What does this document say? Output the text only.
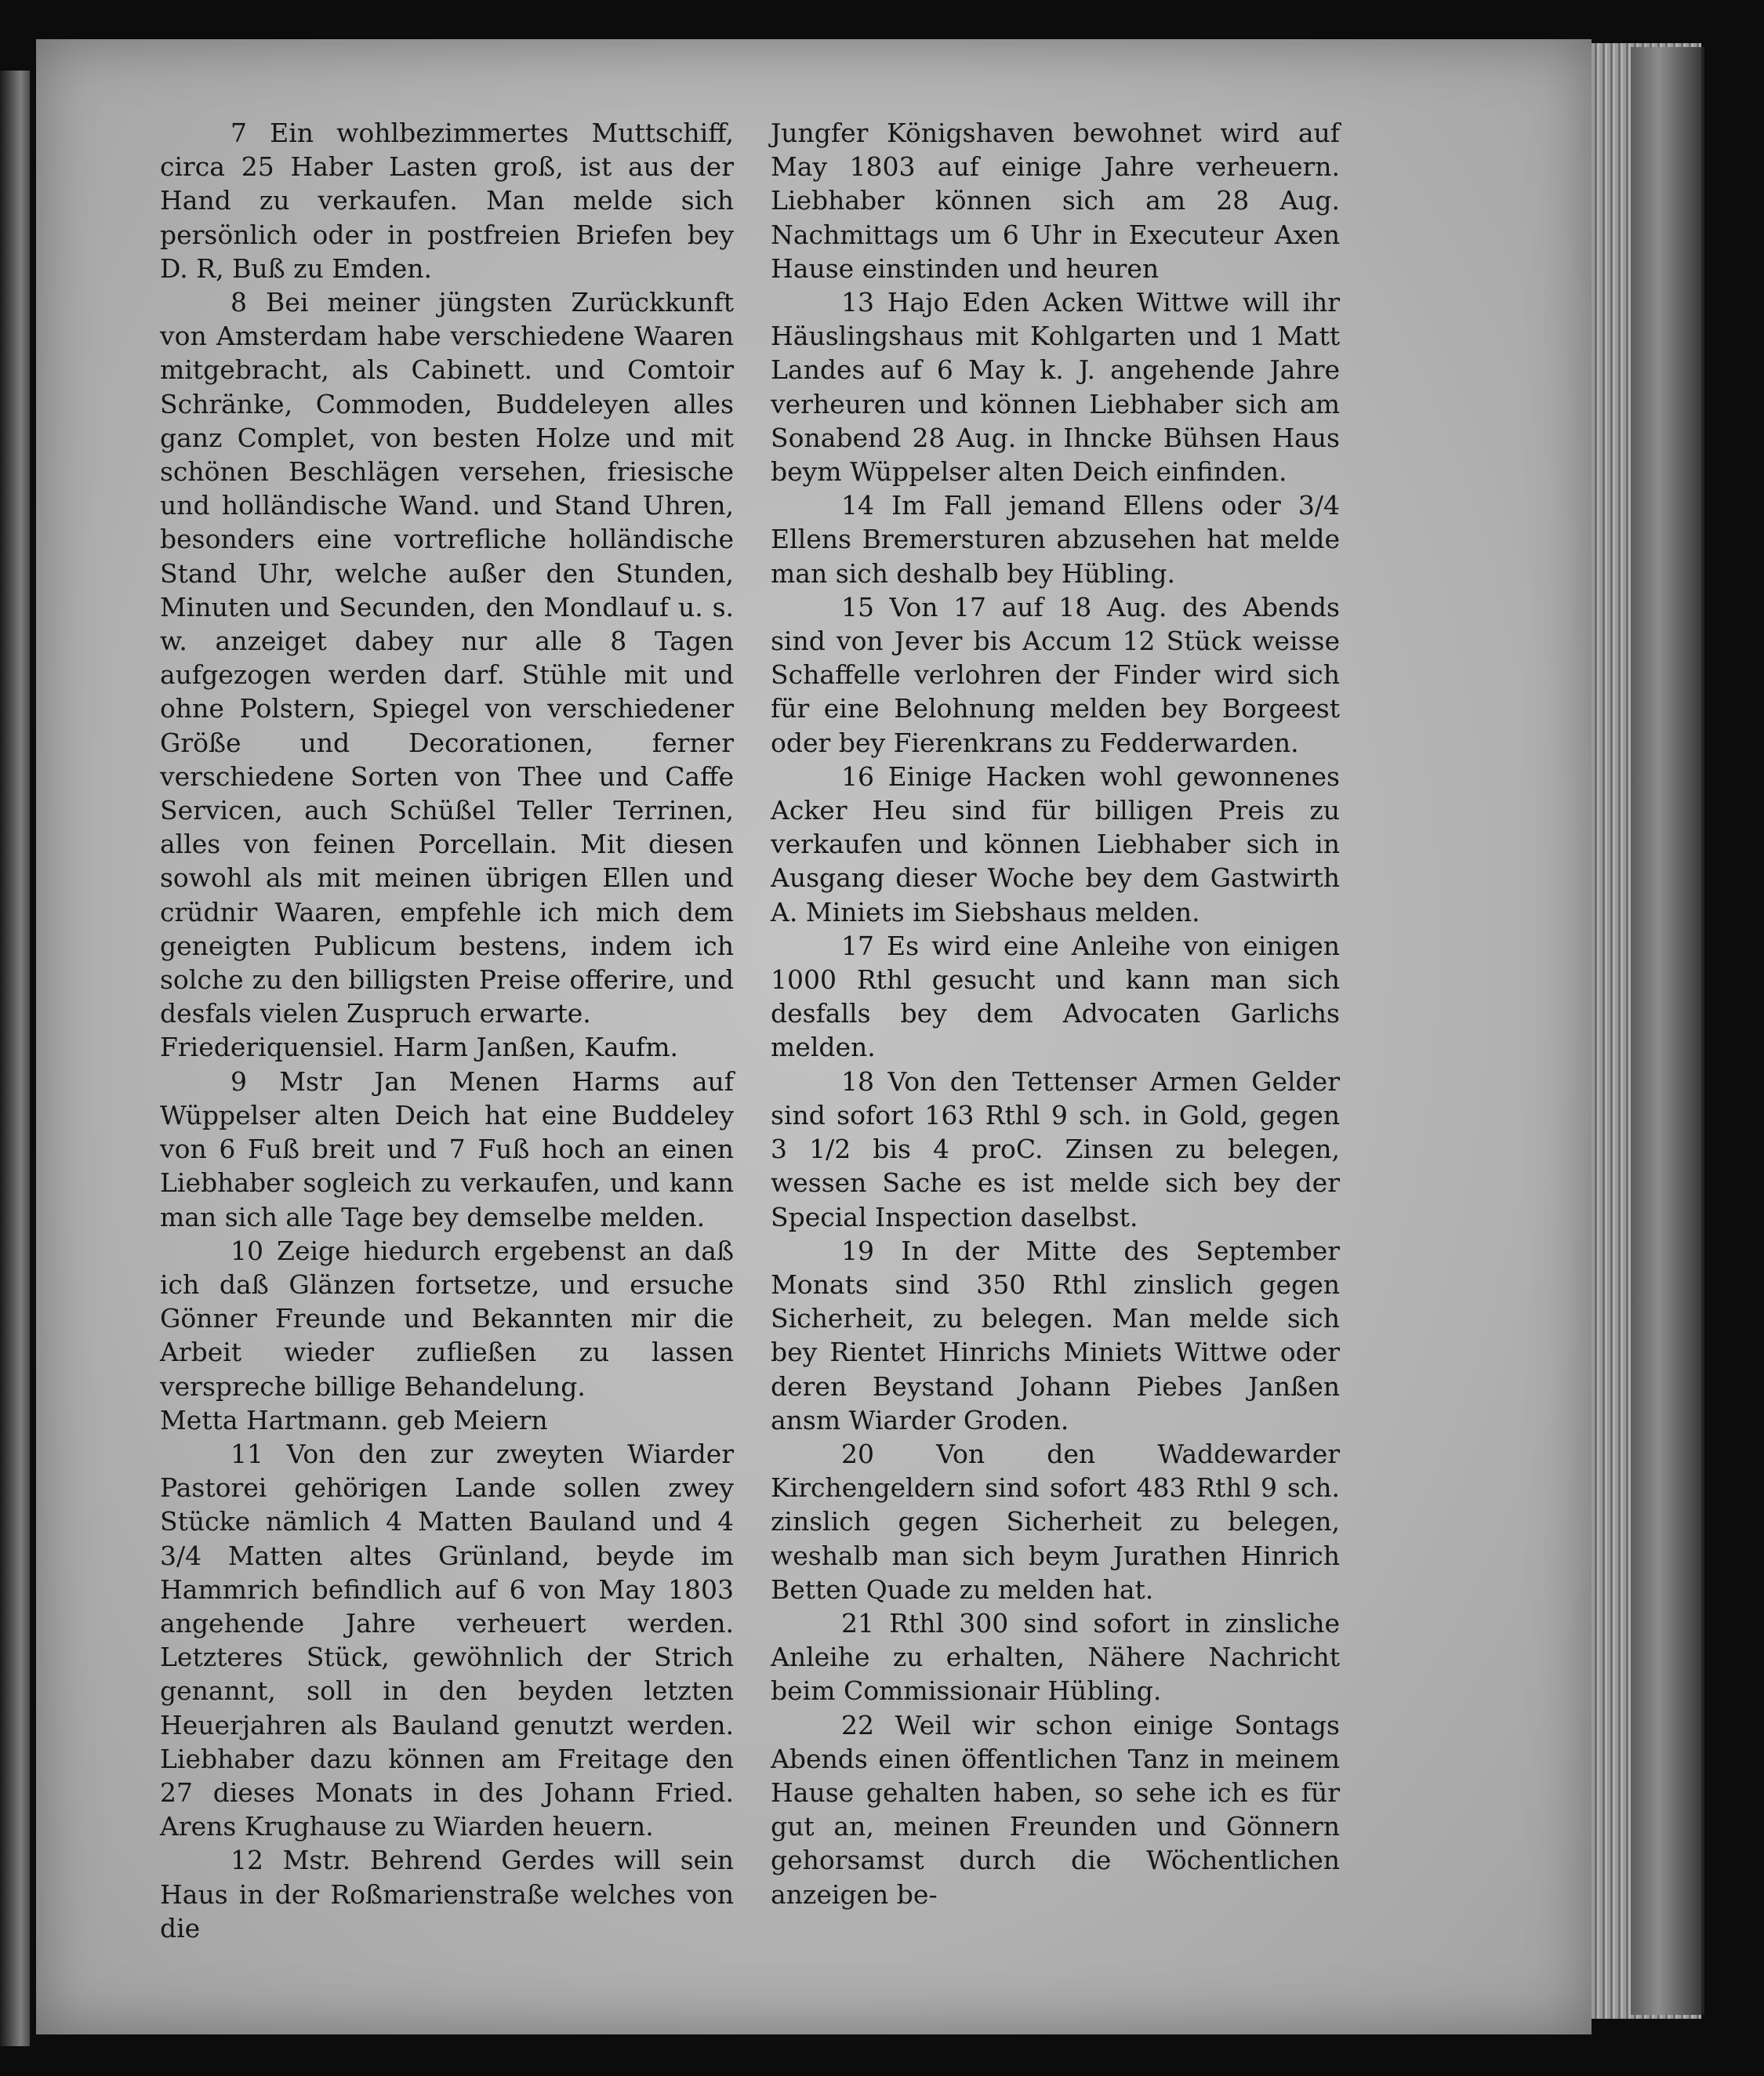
7 Ein wohlbezimmertes Muttschiff, circa 25 Haber Lasten groß, ist aus der Hand zu verkaufen. Man melde sich persönlich oder in postfreien Briefen bey D. R, Buß zu Emden.

8 Bei meiner jüngsten Zurückkunft von Amsterdam habe verschiedene Waaren mitgebracht, als Cabinett. und Comtoir Schränke, Commoden, Buddeleyen alles ganz Complet, von besten Holze und mit schönen Beschlägen versehen, friesische und holländische Wand. und Stand Uhren, besonders eine vortrefliche holländische Stand Uhr, welche außer den Stunden, Minuten und Secunden, den Mondlauf u. s. w. anzeiget dabey nur alle 8 Tagen aufgezogen werden darf. Stühle mit und ohne Polstern, Spiegel von verschiedener Größe und Decorationen, ferner verschiedene Sorten von Thee und Caffe Servicen, auch Schüßel Teller Terrinen, alles von feinen Porcellain. Mit diesen sowohl als mit meinen übrigen Ellen und crüdnir Waaren, empfehle ich mich dem geneigten Publicum bestens, indem ich solche zu den billigsten Preise offerire, und desfals vielen Zuspruch erwarte.

Friederiquensiel. Harm Janßen, Kaufm.

9 Mstr Jan Menen Harms auf Wüppelser alten Deich hat eine Buddeley von 6 Fuß breit und 7 Fuß hoch an einen Liebhaber sogleich zu verkaufen, und kann man sich alle Tage bey demselbe melden.

10 Zeige hiedurch ergebenst an daß ich daß Glänzen fortsetze, und ersuche Gönner Freunde und Bekannten mir die Arbeit wieder zufließen zu lassen verspreche billige Behandelung.

Metta Hartmann. geb Meiern

11 Von den zur zweyten Wiarder Pastorei gehörigen Lande sollen zwey Stücke nämlich 4 Matten Bauland und 4 3/4 Matten altes Grünland, beyde im Hammrich befindlich auf 6 von May 1803 angehende Jahre verheuert werden. Letzteres Stück, gewöhnlich der Strich genannt, soll in den beyden letzten Heuerjahren als Bauland genutzt werden. Liebhaber dazu können am Freitage den 27 dieses Monats in des Johann Fried. Arens Krughause zu Wiarden heuern.

12 Mstr. Behrend Gerdes will sein Haus in der Roßmarienstraße welches von die

Jungfer Königshaven bewohnet wird auf May 1803 auf einige Jahre verheuern. Liebhaber können sich am 28 Aug. Nachmittags um 6 Uhr in Executeur Axen Hause einstinden und heuren

13 Hajo Eden Acken Wittwe will ihr Häuslingshaus mit Kohlgarten und 1 Matt Landes auf 6 May k. J. angehende Jahre verheuren und können Liebhaber sich am Sonabend 28 Aug. in Ihncke Bühsen Haus beym Wüppelser alten Deich einfinden.

14 Im Fall jemand Ellens oder 3/4 Ellens Bremersturen abzusehen hat melde man sich deshalb bey Hübling.

15 Von 17 auf 18 Aug. des Abends sind von Jever bis Accum 12 Stück weisse Schaffelle verlohren der Finder wird sich für eine Belohnung melden bey Borgeest oder bey Fierenkrans zu Fedderwarden.

16 Einige Hacken wohl gewonnenes Acker Heu sind für billigen Preis zu verkaufen und können Liebhaber sich in Ausgang dieser Woche bey dem Gastwirth A. Miniets im Siebshaus melden.

17 Es wird eine Anleihe von einigen 1000 Rthl gesucht und kann man sich desfalls bey dem Advocaten Garlichs melden.

18 Von den Tettenser Armen Gelder sind sofort 163 Rthl 9 sch. in Gold, gegen 3 1/2 bis 4 proC. Zinsen zu belegen, wessen Sache es ist melde sich bey der Special Inspection daselbst.

19 In der Mitte des September Monats sind 350 Rthl zinslich gegen Sicherheit, zu belegen. Man melde sich bey Rientet Hinrichs Miniets Wittwe oder deren Beystand Johann Piebes Janßen ansm Wiarder Groden.

20 Von den Waddewarder Kirchengeldern sind sofort 483 Rthl 9 sch. zinslich gegen Sicherheit zu belegen, weshalb man sich beym Jurathen Hinrich Betten Quade zu melden hat.

21 Rthl 300 sind sofort in zinsliche Anleihe zu erhalten, Nähere Nachricht beim Commissionair Hübling.

22 Weil wir schon einige Sontags Abends einen öffentlichen Tanz in meinem Hause gehalten haben, so sehe ich es für gut an, meinen Freunden und Gönnern gehorsamst durch die Wöchentlichen anzeigen be-
